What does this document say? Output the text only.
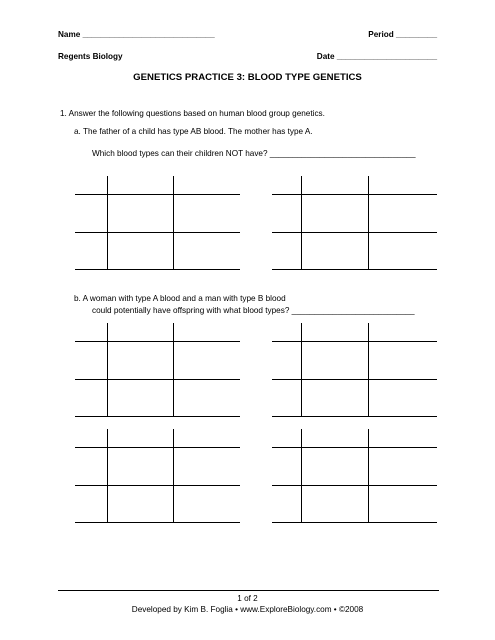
Name _____________________________	Period _________
Regents Biology	Date ______________________
GENETICS PRACTICE 3: BLOOD TYPE GENETICS
1. Answer the following questions based on human blood group genetics.
a. The father of a child has type AB blood. The mother has type A.
Which blood types can their children NOT have? ________________________________
b. A woman with type A blood and a man with type B blood
could potentially have offspring with what blood types? ___________________________
1 of 2
Developed by Kim B. Foglia • www.ExploreBiology.com • ©2008
